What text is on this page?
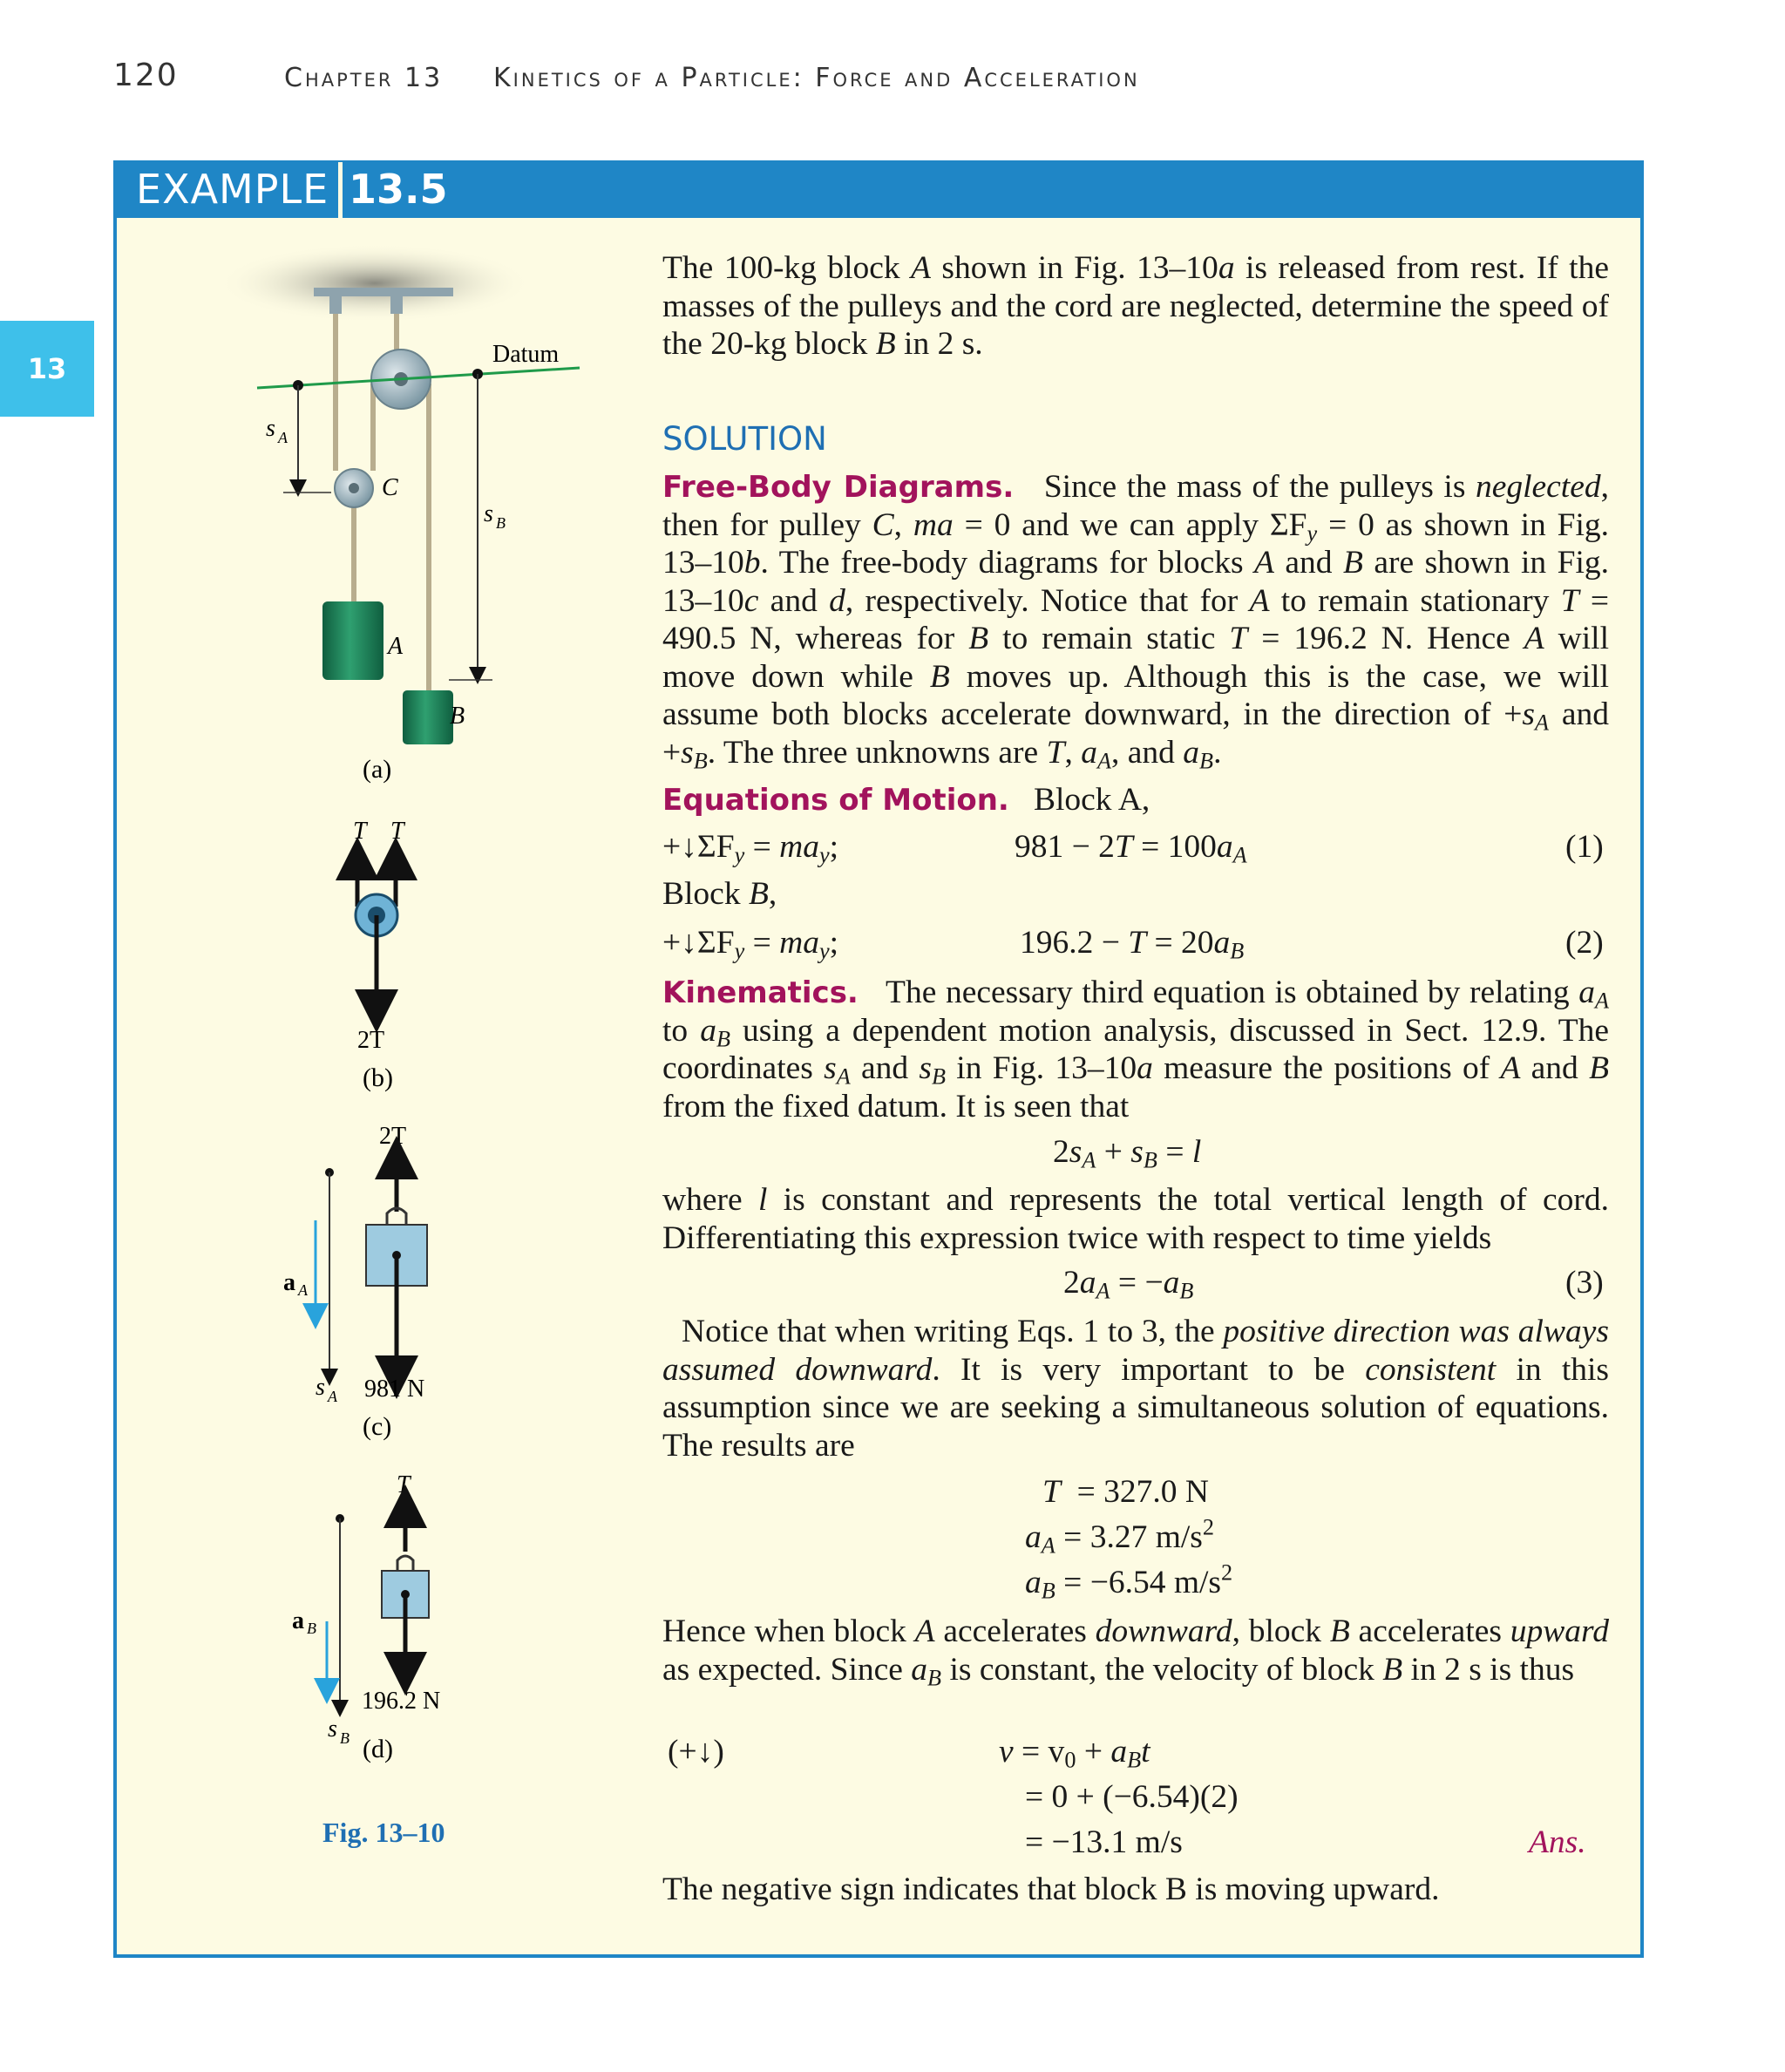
120	Chapter 13 Kinetics of a Particle: Force and Acceleration
13
EXAMPLE 13.5
Datum
s A
s B
C
A
B
(a)
T T
2T
(b)
2T
a A
s A 981 N
(c)
T
a B
196.2 N
s B (d)
Fig. 13–10
The 100-kg block A shown in Fig. 13–10a is released from rest. If the masses of the pulleys and the cord are neglected, determine the speed of the 20-kg block B in 2 s.
SOLUTION
Free-Body Diagrams.   Since the mass of the pulleys is neglected, then for pulley C, ma = 0 and we can apply $\Sigma F_y = 0$ as shown in Fig. 13–10b. The free-body diagrams for blocks A and B are shown in Fig. 13–10c and d, respectively. Notice that for A to remain stationary T = 490.5 N, whereas for B to remain static T = 196.2 N. Hence A will move down while B moves up. Although this is the case, we will assume both blocks accelerate downward, in the direction of $+s_A$ and $+s_B$. The three unknowns are T, $a_A$, and $a_B$.
Equations of Motion. Block A,
$+↓\Sigma F_y = ma_y$;	$981 - 2T = 100a_A$	(1)
Block B,
$+↓\Sigma F_y = ma_y$;	$196.2 - T = 20a_B$	(2)
Kinematics.   The necessary third equation is obtained by relating $a_A$ to $a_B$ using a dependent motion analysis, discussed in Sect. 12.9. The coordinates $s_A$ and $s_B$ in Fig. 13–10a measure the positions of A and B from the fixed datum. It is seen that
$2s_A + s_B = l$
where l is constant and represents the total vertical length of cord. Differentiating this expression twice with respect to time yields
$2a_A = -a_B$	(3)
Notice that when writing Eqs. 1 to 3, the positive direction was always assumed downward. It is very important to be consistent in this assumption since we are seeking a simultaneous solution of equations. The results are
T = 327.0 N
$a_A = 3.27$ $m/s^2$
$a_B = -6.54$ $m/s^2$
Hence when block A accelerates downward, block B accelerates upward as expected. Since $a_B$ is constant, the velocity of block B in 2 s is thus
(+↓)	$v = v_0 + a_Bt$
= 0 + (−6.54)(2)
= −13.1 m/s	Ans.
The negative sign indicates that block B is moving upward.
